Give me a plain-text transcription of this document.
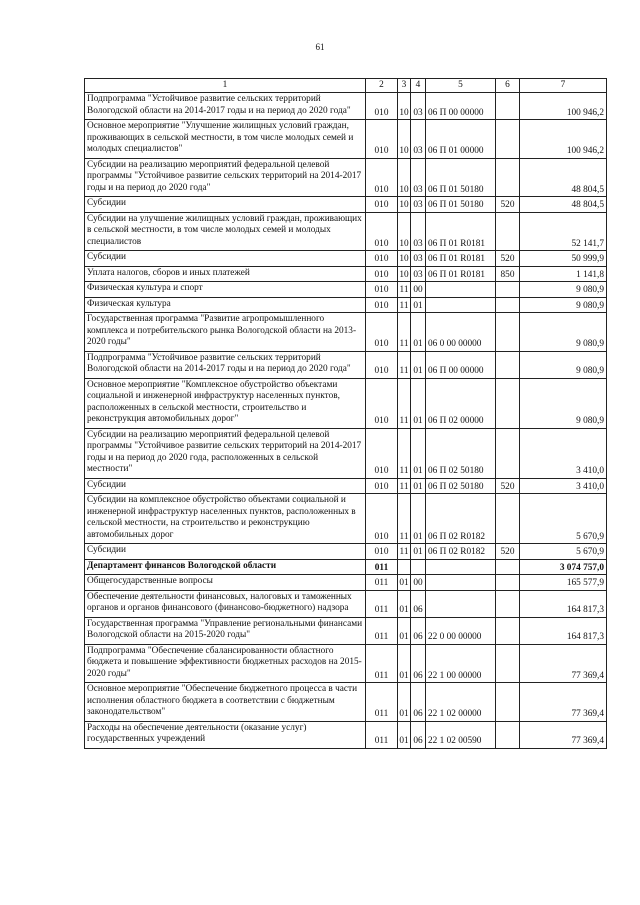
61
1	2	3	4	5	6	7
Подпрограмма "Устойчивое развитие сельских территорий Вологодской области на 2014-2017 годы и на период до 2020 года"	010	10	03	06 П 00 00000		100 946,2
Основное мероприятие "Улучшение жилищных условий граждан, проживающих в сельской местности, в том числе молодых семей и молодых специалистов"	010	10	03	06 П 01 00000		100 946,2
Субсидии на реализацию мероприятий федеральной целевой программы "Устойчивое развитие сельских территорий на 2014-2017 годы и на период до 2020 года"	010	10	03	06 П 01 50180		48 804,5
Субсидии	010	10	03	06 П 01 50180	520	48 804,5
Субсидии на улучшение жилищных условий граждан, проживающих в сельской местности, в том числе молодых семей и молодых специалистов	010	10	03	06 П 01 R0181		52 141,7
Субсидии	010	10	03	06 П 01 R0181	520	50 999,9
Уплата налогов, сборов и иных платежей	010	10	03	06 П 01 R0181	850	1 141,8
Физическая культура и спорт	010	11	00			9 080,9
Физическая культура	010	11	01			9 080,9
Государственная программа "Развитие агропромышленного комплекса и потребительского рынка Вологодской области на 2013-2020 годы"	010	11	01	06 0 00 00000		9 080,9
Подпрограмма "Устойчивое развитие сельских территорий Вологодской области на 2014-2017 годы и на период до 2020 года"	010	11	01	06 П 00 00000		9 080,9
Основное мероприятие "Комплексное обустройство объектами социальной и инженерной инфраструктур населенных пунктов, расположенных в сельской местности, строительство и реконструкция автомобильных дорог"	010	11	01	06 П 02 00000		9 080,9
Субсидии на реализацию мероприятий федеральной целевой программы "Устойчивое развитие сельских территорий на 2014-2017 годы и на период до 2020 года, расположенных в сельской местности"	010	11	01	06 П 02 50180		3 410,0
Субсидии	010	11	01	06 П 02 50180	520	3 410,0
Субсидии на комплексное обустройство объектами социальной и инженерной инфраструктур населенных пунктов, расположенных в сельской местности, на строительство и реконструкцию автомобильных дорог	010	11	01	06 П 02 R0182		5 670,9
Субсидии	010	11	01	06 П 02 R0182	520	5 670,9
Департамент финансов Вологодской области	011					3 074 757,0
Общегосударственные вопросы	011	01	00			165 577,9
Обеспечение деятельности финансовых, налоговых и таможенных органов и органов финансового (финансово-бюджетного) надзора	011	01	06			164 817,3
Государственная программа "Управление региональными финансами Вологодской области на 2015-2020 годы"	011	01	06	22 0 00 00000		164 817,3
Подпрограмма "Обеспечение сбалансированности областного бюджета и повышение эффективности бюджетных расходов на 2015-2020 годы"	011	01	06	22 1 00 00000		77 369,4
Основное мероприятие "Обеспечение бюджетного процесса в части исполнения областного бюджета в соответствии с бюджетным законодательством"	011	01	06	22 1 02 00000		77 369,4
Расходы на обеспечение деятельности (оказание услуг) государственных учреждений	011	01	06	22 1 02 00590		77 369,4
